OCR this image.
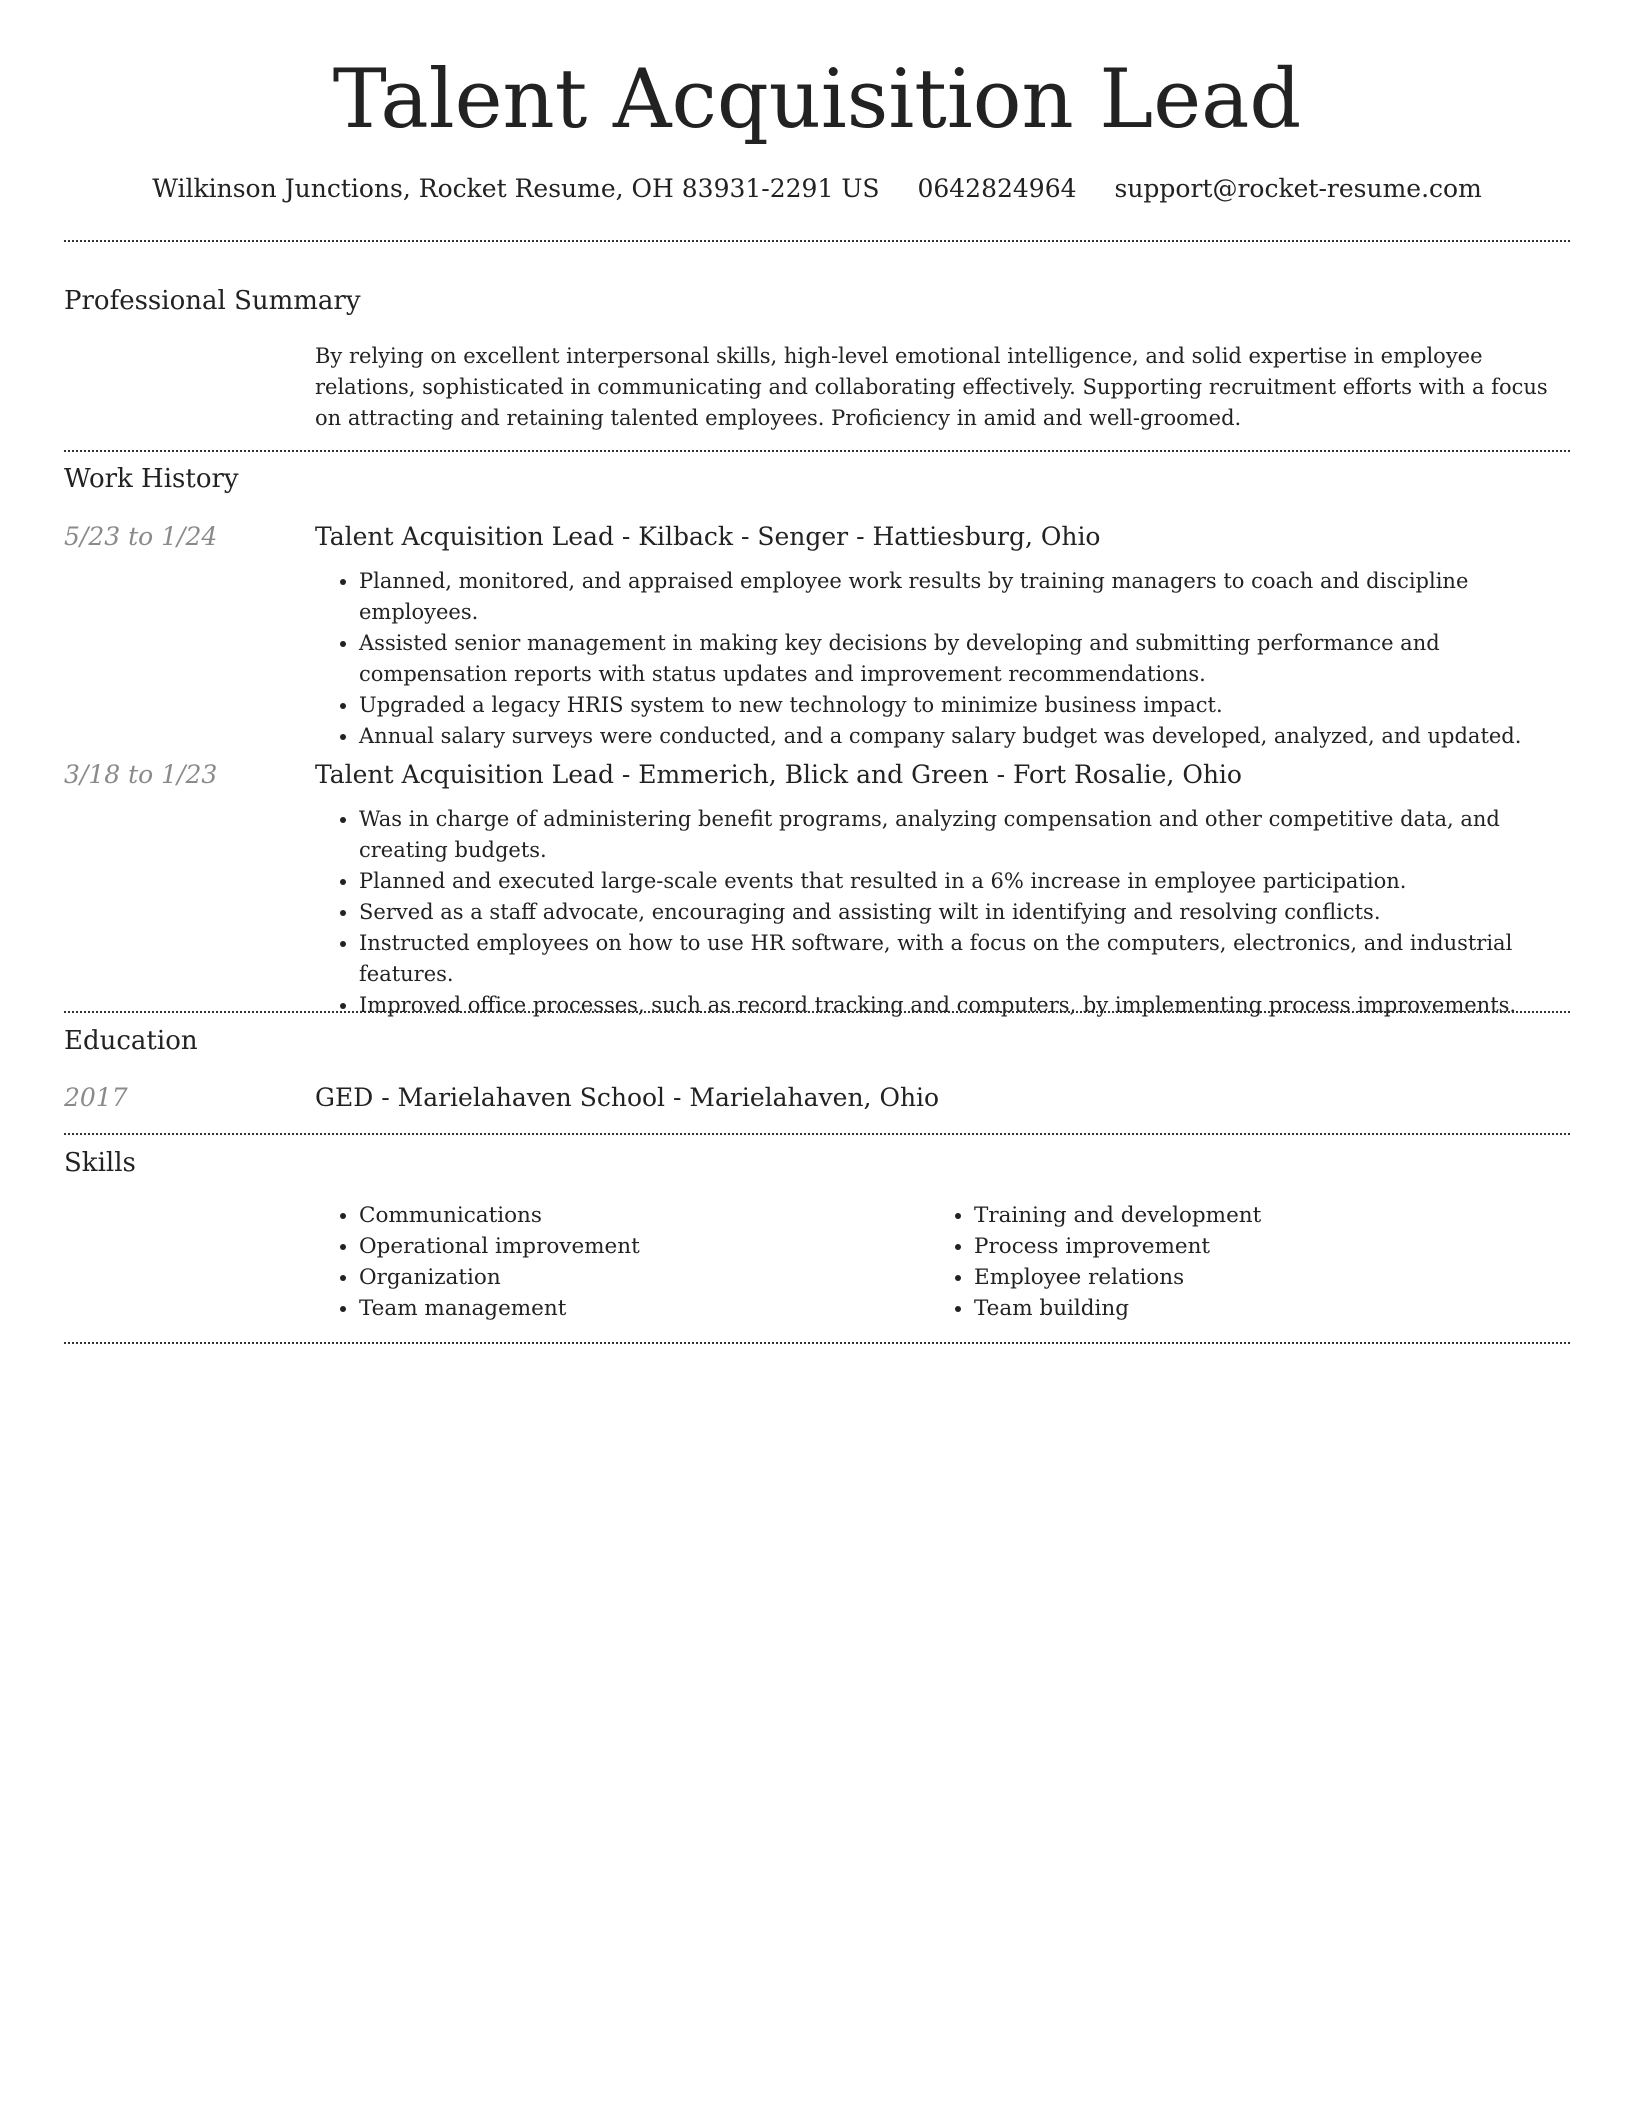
Talent Acquisition Lead
Wilkinson Junctions, Rocket Resume, OH 83931-2291 US 0642824964 support@rocket-resume.com
Professional Summary

By relying on excellent interpersonal skills, high-level emotional intelligence, and solid expertise in employee relations, sophisticated in communicating and collaborating effectively. Supporting recruitment efforts with a focus on attracting and retaining talented employees. Proficiency in amid and well-groomed.

Work History
5/23 to 1/24	Talent Acquisition Lead - Kilback - Senger - Hattiesburg, Ohio

• Planned, monitored, and appraised employee work results by training managers to coach and discipline employees.
• Assisted senior management in making key decisions by developing and submitting performance and compensation reports with status updates and improvement recommendations.
• Upgraded a legacy HRIS system to new technology to minimize business impact.
• Annual salary surveys were conducted, and a company salary budget was developed, analyzed, and updated.
3/18 to 1/23	Talent Acquisition Lead - Emmerich, Blick and Green - Fort Rosalie, Ohio

• Was in charge of administering benefit programs, analyzing compensation and other competitive data, and creating budgets.
• Planned and executed large-scale events that resulted in a 6% increase in employee participation.
• Served as a staff advocate, encouraging and assisting wilt in identifying and resolving conflicts.
• Instructed employees on how to use HR software, with a focus on the computers, electronics, and industrial features.
• Improved office processes, such as record tracking and computers, by implementing process improvements.
Education
2017	GED - Marielahaven School - Marielahaven, Ohio

Skills
• Communications
• Operational improvement
• Organization
• Team management
• Training and development
• Process improvement
• Employee relations
• Team building
